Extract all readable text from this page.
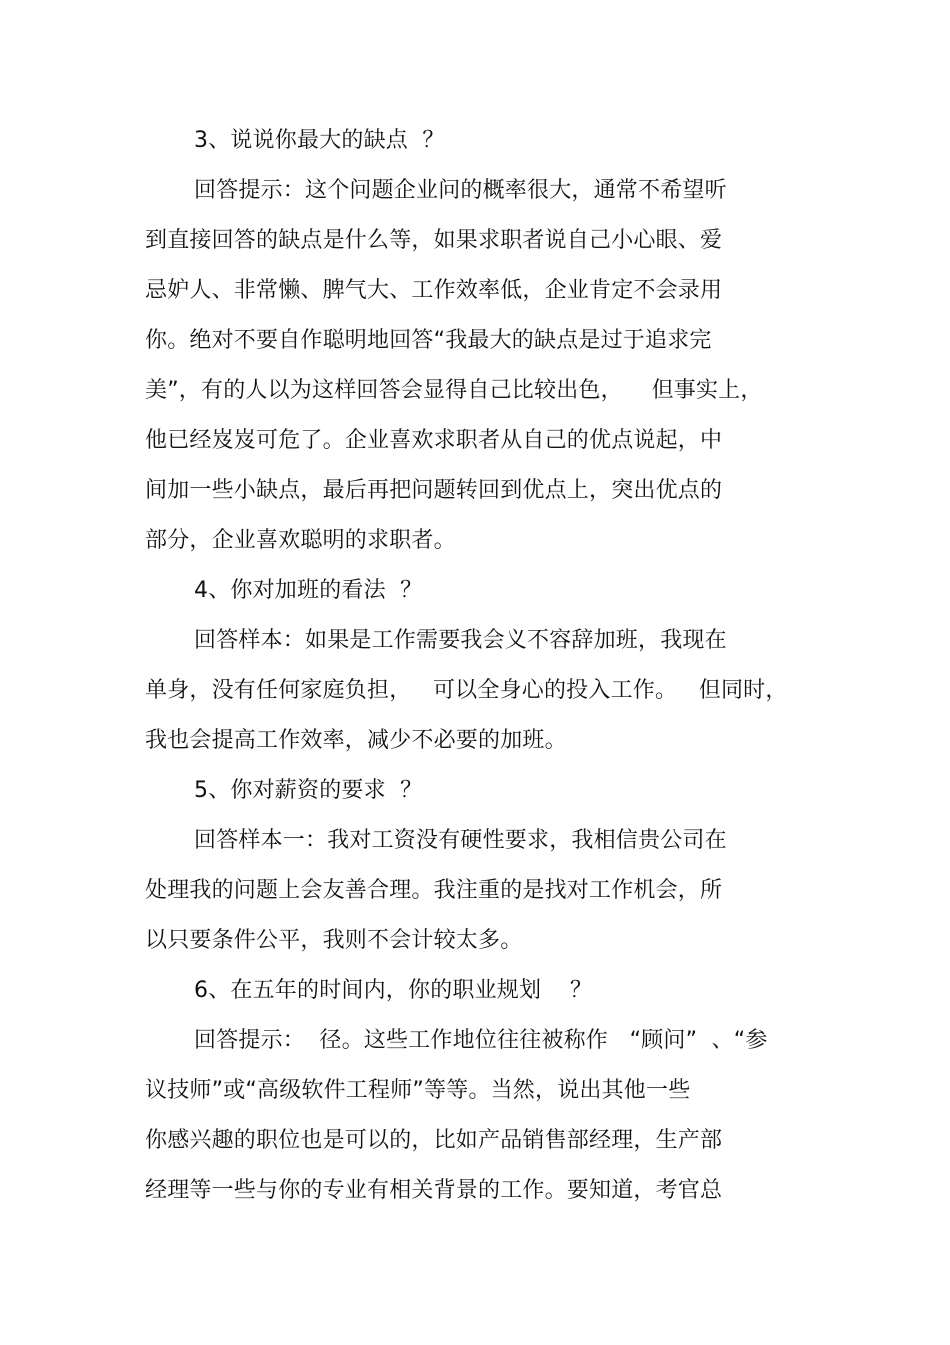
3、说说你最大的缺点  ？
回答提示：这个问题企业问的概率很大，通常不希望听
到直接回答的缺点是什么等，如果求职者说自己小心眼、爱
忌妒人、非常懒、脾气大、工作效率低，企业肯定不会录用
你。绝对不要自作聪明地回答“我最大的缺点是过于追求完
美”，有的人以为这样回答会显得自己比较出色，    但事实上，
他已经岌岌可危了。企业喜欢求职者从自己的优点说起，中
间加一些小缺点，最后再把问题转回到优点上，突出优点的
部分，企业喜欢聪明的求职者。
4、你对加班的看法  ？
回答样本：如果是工作需要我会义不容辞加班，我现在
单身，没有任何家庭负担，   可以全身心的投入工作。   但同时，
我也会提高工作效率，减少不必要的加班。
5、你对薪资的要求  ？
回答样本一：我对工资没有硬性要求，我相信贵公司在
处理我的问题上会友善合理。我注重的是找对工作机会，所
以只要条件公平，我则不会计较太多。
6、在五年的时间内，你的职业规划    ？
回答提示：  径。这些工作地位往往被称作   “顾问”  、“参
议技师”或“高级软件工程师”等等。当然，说出其他一些
你感兴趣的职位也是可以的，比如产品销售部经理，生产部
经理等一些与你的专业有相关背景的工作。要知道，考官总
